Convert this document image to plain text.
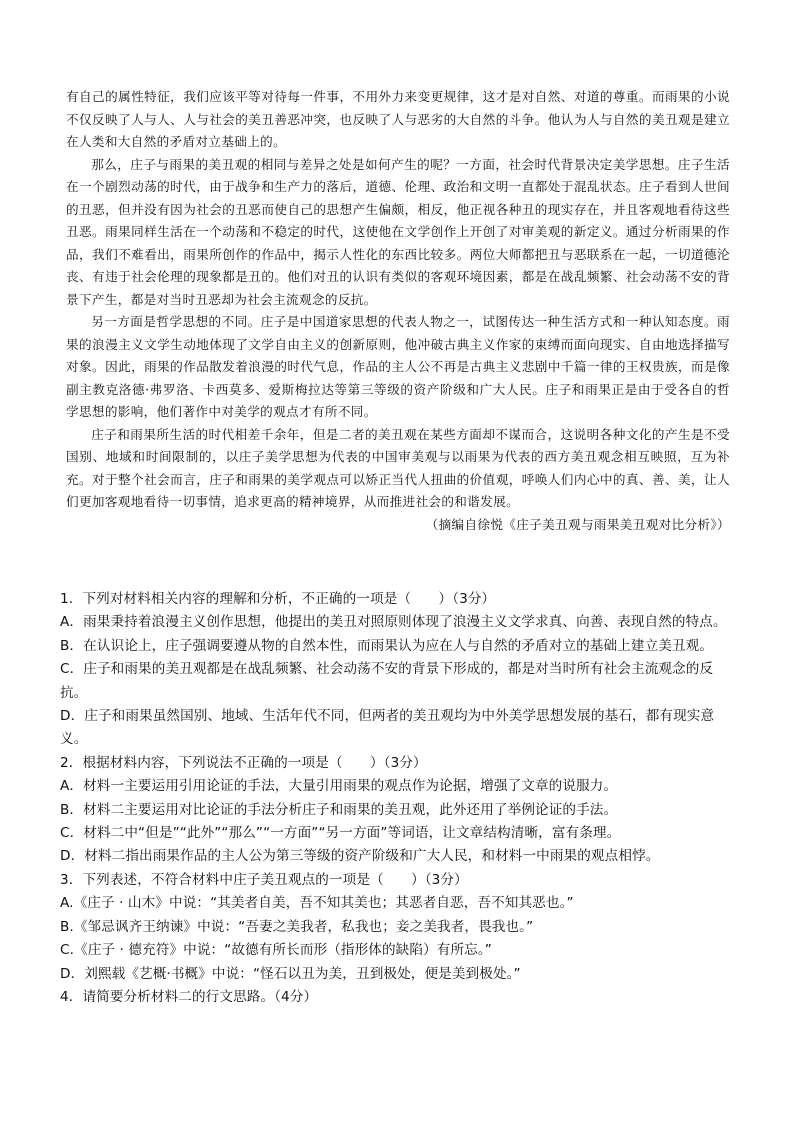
有自己的属性特征，我们应该平等对待每一件事，不用外力来变更规律，这才是对自然、对道的尊重。而雨果的小说不仅反映了人与人、人与社会的美丑善恶冲突，也反映了人与恶劣的大自然的斗争。他认为人与自然的美丑观是建立在人类和大自然的矛盾对立基础上的。

那么，庄子与雨果的美丑观的相同与差异之处是如何产生的呢？一方面，社会时代背景决定美学思想。庄子生活在一个剧烈动荡的时代，由于战争和生产力的落后，道德、伦理、政治和文明一直都处于混乱状态。庄子看到人世间的丑恶，但并没有因为社会的丑恶而使自己的思想产生偏颇，相反，他正视各种丑的现实存在，并且客观地看待这些丑恶。雨果同样生活在一个动荡和不稳定的时代，这使他在文学创作上开创了对审美观的新定义。通过分析雨果的作品，我们不难看出，雨果所创作的作品中，揭示人性化的东西比较多。两位大师都把丑与恶联系在一起，一切道德沦丧、有违于社会伦理的现象都是丑的。他们对丑的认识有类似的客观环境因素，都是在战乱频繁、社会动荡不安的背景下产生，都是对当时丑恶却为社会主流观念的反抗。

另一方面是哲学思想的不同。庄子是中国道家思想的代表人物之一，试图传达一种生活方式和一种认知态度。雨果的浪漫主义文学生动地体现了文学自由主义的创新原则，他冲破古典主义作家的束缚而面向现实、自由地选择描写对象。因此，雨果的作品散发着浪漫的时代气息，作品的主人公不再是古典主义悲剧中千篇一律的王权贵族，而是像副主教克洛德·弗罗洛、卡西莫多、爱斯梅拉达等第三等级的资产阶级和广大人民。庄子和雨果正是由于受各自的哲学思想的影响，他们著作中对美学的观点才有所不同。

庄子和雨果所生活的时代相差千余年，但是二者的美丑观在某些方面却不谋而合，这说明各种文化的产生是不受国别、地域和时间限制的，以庄子美学思想为代表的中国审美观与以雨果为代表的西方美丑观念相互映照，互为补充。对于整个社会而言，庄子和雨果的美学观点可以矫正当代人扭曲的价值观，呼唤人们内心中的真、善、美，让人们更加客观地看待一切事情，追求更高的精神境界，从而推进社会的和谐发展。

（摘编自徐悦《庄子美丑观与雨果美丑观对比分析》）

1．下列对材料相关内容的理解和分析，不正确的一项是（　　）（3分）

A．雨果秉持着浪漫主义创作思想，他提出的美丑对照原则体现了浪漫主义文学求真、向善、表现自然的特点。

B．在认识论上，庄子强调要遵从物的自然本性，而雨果认为应在人与自然的矛盾对立的基础上建立美丑观。

C．庄子和雨果的美丑观都是在战乱频繁、社会动荡不安的背景下形成的，都是对当时所有社会主流观念的反抗。

D．庄子和雨果虽然国别、地域、生活年代不同，但两者的美丑观均为中外美学思想发展的基石，都有现实意义。

2．根据材料内容，下列说法不正确的一项是（　　）（3分）

A．材料一主要运用引用论证的手法，大量引用雨果的观点作为论据，增强了文章的说服力。

B．材料二主要运用对比论证的手法分析庄子和雨果的美丑观，此外还用了举例论证的手法。

C．材料二中“但是”“此外”“那么”“一方面”“另一方面”等词语，让文章结构清晰，富有条理。

D．材料二指出雨果作品的主人公为第三等级的资产阶级和广大人民，和材料一中雨果的观点相悖。

3．下列表述，不符合材料中庄子美丑观点的一项是（　　）（3分）

A.《庄子 · 山木》中说：“其美者自美，吾不知其美也；其恶者自恶，吾不知其恶也。”

B.《邹忌讽齐王纳谏》中说：“吾妻之美我者，私我也；妾之美我者，畏我也。”

C.《庄子 · 德充符》中说：“故德有所长而形（指形体的缺陷）有所忘。”

D．刘熙载《艺概·书概》中说：“怪石以丑为美，丑到极处，便是美到极处。”

4．请简要分析材料二的行文思路。（4分）
